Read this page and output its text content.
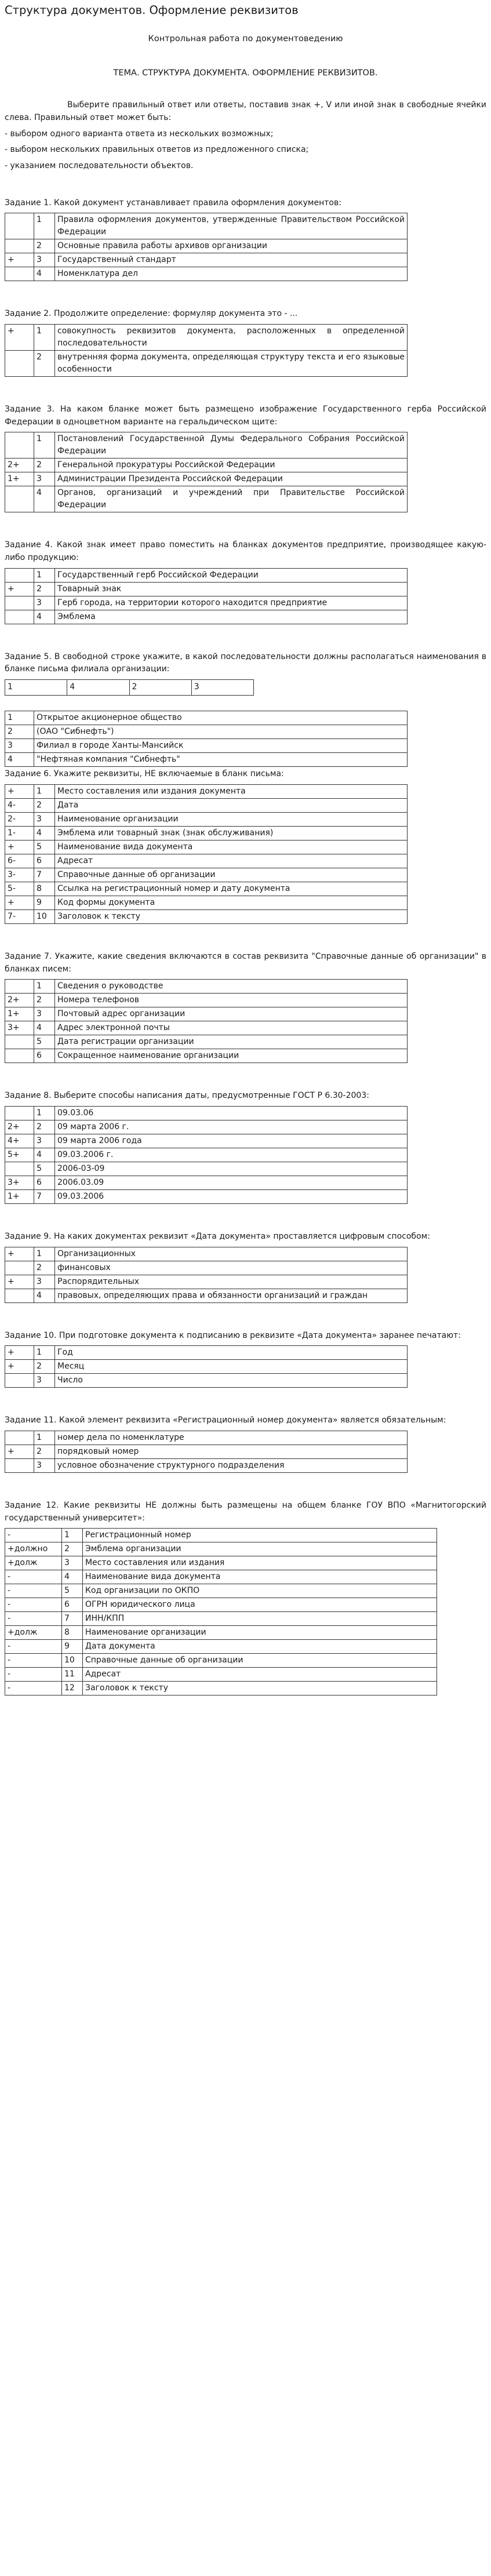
Структура документов. Оформление реквизитов

Контрольная работа по документоведению

ТЕМА. СТРУКТУРА ДОКУМЕНТА. ОФОРМЛЕНИЕ РЕКВИЗИТОВ.

Выберите правильный ответ или ответы, поставив знак +, V или иной знак в свободные ячейки слева. Правильный ответ может быть:

- выбором одного варианта ответа из нескольких возможных;

- выбором нескольких правильных ответов из предложенного списка;

- указанием последовательности объектов.

Задание 1. Какой документ устанавливает правила оформления документов:

	1	Правила оформления документов, утвержденные Правительством Российской Федерации
	2	Основные правила работы архивов организации
+	3	Государственный стандарт
	4	Номенклатура дел

Задание 2. Продолжите определение: формуляр документа это - ...

+	1	совокупность реквизитов документа, расположенных в определенной последовательности
	2	внутренняя форма документа, определяющая структуру текста и его языковые особенности

Задание 3. На каком бланке может быть размещено изображение Государственного герба Российской Федерации в одноцветном варианте на геральдическом щите:

	1	Постановлений Государственной Думы Федерального Собрания Российской Федерации
2+	2	Генеральной прокуратуры Российской Федерации
1+	3	Администрации Президента Российской Федерации
	4	Органов, организаций и учреждений при Правительстве Российской Федерации

Задание 4. Какой знак имеет право поместить на бланках документов предприятие, производящее какую-либо продукцию:

	1	Государственный герб Российской Федерации
+	2	Товарный знак
	3	Герб города, на территории которого находится предприятие
	4	Эмблема

Задание 5. В свободной строке укажите, в какой последовательности должны располагаться наименования в бланке письма филиала организации:

1	4	2	3
1	Открытое акционерное общество
2	(ОАО "Сибнефть")
3	Филиал в городе Ханты-Мансийск
4	"Нефтяная компания "Сибнефть"

Задание 6. Укажите реквизиты, НЕ включаемые в бланк письма:

+	1	Место составления или издания документа
4-	2	Дата
2-	3	Наименование организации
1-	4	Эмблема или товарный знак (знак обслуживания)
+	5	Наименование вида документа
6-	6	Адресат
3-	7	Справочные данные об организации
5-	8	Ссылка на регистрационный номер и дату документа
+	9	Код формы документа
7-	10	Заголовок к тексту

Задание 7. Укажите, какие сведения включаются в состав реквизита "Справочные данные об организации" в бланках писем:

	1	Сведения о руководстве
2+	2	Номера телефонов
1+	3	Почтовый адрес организации
3+	4	Адрес электронной почты
	5	Дата регистрации организации
	6	Сокращенное наименование организации

Задание 8. Выберите способы написания даты, предусмотренные ГОСТ Р 6.30-2003:

	1	09.03.06
2+	2	09 марта 2006 г.
4+	3	09 марта 2006 года
5+	4	09.03.2006 г.
	5	2006-03-09
3+	6	2006.03.09
1+	7	09.03.2006

Задание 9. На каких документах реквизит «Дата документа» проставляется цифровым способом:

+	1	Организационных
	2	финансовых
+	3	Распорядительных
	4	правовых, определяющих права и обязанности организаций и граждан

Задание 10. При подготовке документа к подписанию в реквизите «Дата документа» заранее печатают:

+	1	Год
+	2	Месяц
	3	Число

Задание 11. Какой элемент реквизита «Регистрационный номер документа» является обязательным:

	1	номер дела по номенклатуре
+	2	порядковый номер
	3	условное обозначение структурного подразделения

Задание 12. Какие реквизиты НЕ должны быть размещены на общем бланке ГОУ ВПО «Магнитогорский государственный университет»:

-	1	Регистрационный номер
+должно	2	Эмблема организации
+долж	3	Место составления или издания
-	4	Наименование вида документа
-	5	Код организации по ОКПО
-	6	ОГРН юридического лица
-	7	ИНН/КПП
+долж	8	Наименование организации
-	9	Дата документа
-	10	Справочные данные об организации
-	11	Адресат
-	12	Заголовок к тексту
